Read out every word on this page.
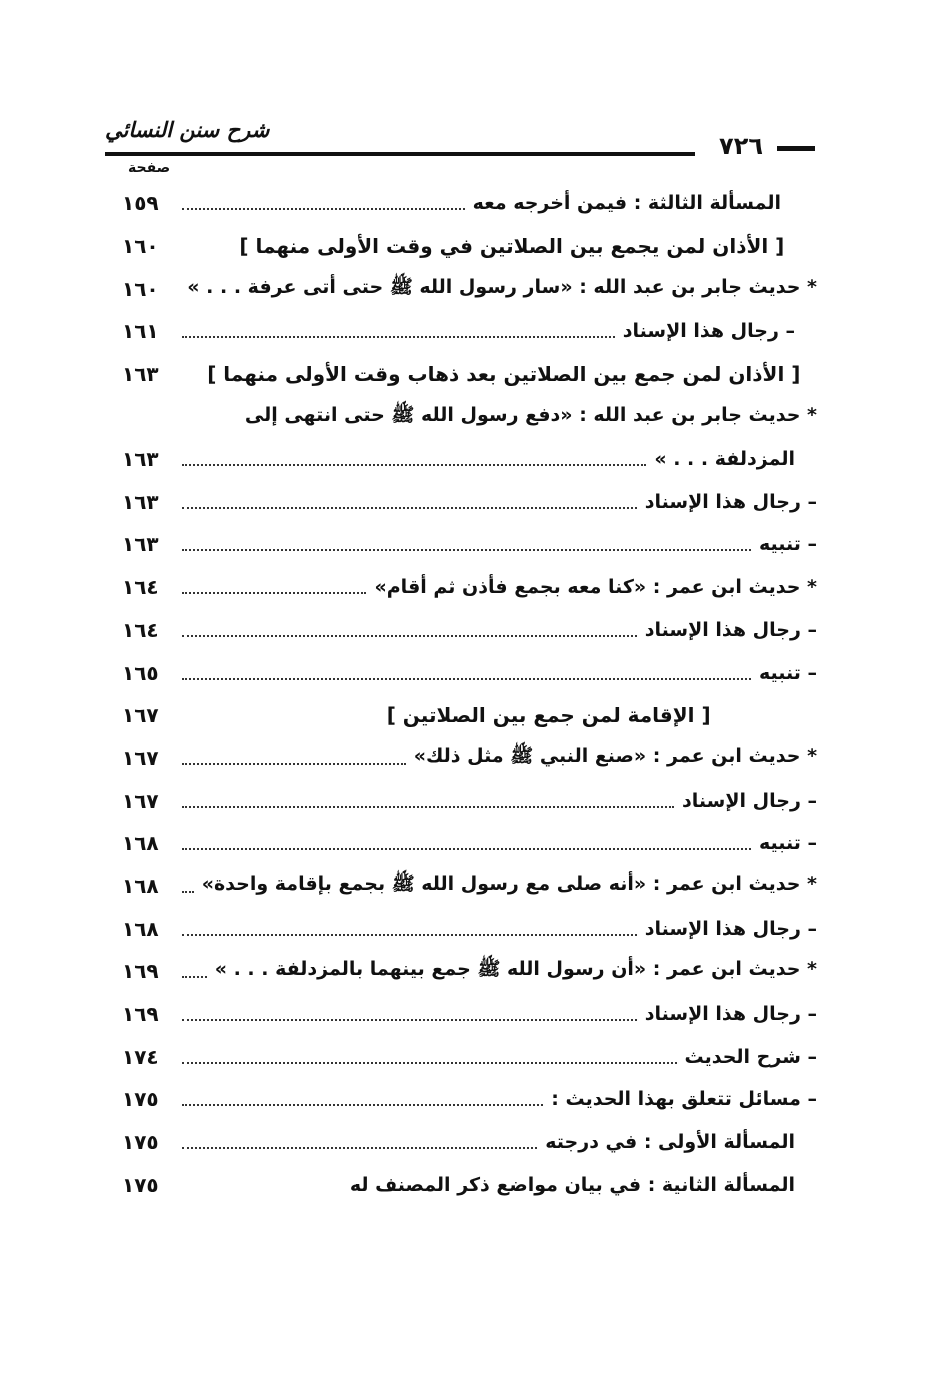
شرح سنن النسائي
٧٢٦
صفحة
المسألة الثالثة : فيمن أخرجه معه
١٥٩
[ الأذان لمن يجمع بين الصلاتين في وقت الأولى منهما ]
١٦٠
* حديث جابر بن عبد الله : «سار رسول الله ﷺ حتى أتى عرفة . . . »
١٦٠
– رجال هذا الإسناد
١٦١
[ الأذان لمن جمع بين الصلاتين بعد ذهاب وقت الأولى منهما ]
١٦٣
* حديث جابر بن عبد الله : «دفع رسول الله ﷺ حتى انتهى إلى
المزدلفة . . . »
١٦٣
– رجال هذا الإسناد
١٦٣
– تنبيه
١٦٣
* حديث ابن عمر : «كنا معه بجمع فأذن ثم أقام»
١٦٤
– رجال هذا الإسناد
١٦٤
– تنبيه
١٦٥
[ الإقامة لمن جمع بين الصلاتين ]
١٦٧
* حديث ابن عمر : «صنع النبي ﷺ مثل ذلك»
١٦٧
– رجال الإسناد
١٦٧
– تنبيه
١٦٨
* حديث ابن عمر : «أنه صلى مع رسول الله ﷺ بجمع بإقامة واحدة»
١٦٨
– رجال هذا الإسناد
١٦٨
* حديث ابن عمر : «أن رسول الله ﷺ جمع بينهما بالمزدلفة . . . »
١٦٩
– رجال هذا الإسناد
١٦٩
– شرح الحديث
١٧٤
– مسائل تتعلق بهذا الحديث :
١٧٥
المسألة الأولى : في درجته
١٧٥
المسألة الثانية : في بيان مواضع ذكر المصنف له
١٧٥
